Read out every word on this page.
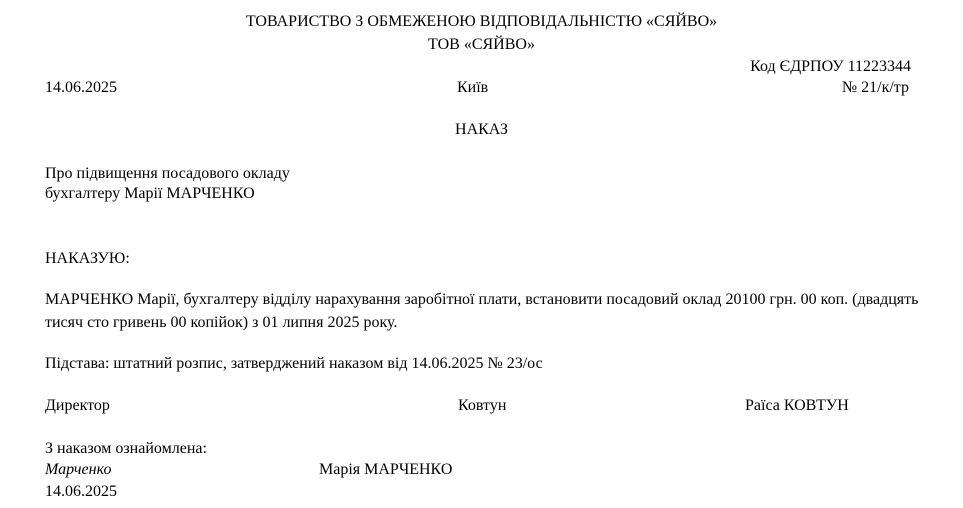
ТОВАРИСТВО З ОБМЕЖЕНОЮ ВІДПОВІДАЛЬНІСТЮ «СЯЙВО»
ТОВ «СЯЙВО»
Код ЄДРПОУ 11223344
14.06.2025	Київ	№ 21/к/тр
НАКАЗ
Про підвищення посадового окладу
бухгалтеру Марії МАРЧЕНКО
НАКАЗУЮ:
МАРЧЕНКО Марії, бухгалтеру відділу нарахування заробітної плати, встановити посадовий оклад 20100 грн. 00 коп. (двадцять тисяч сто гривень 00 копійок) з 01 липня 2025 року.
Підстава: штатний розпис, затверджений наказом від 14.06.2025 № 23/ос
Директор	Ковтун	Раїса КОВТУН
З наказом ознайомлена:
Марченко	Марія МАРЧЕНКО
14.06.2025
